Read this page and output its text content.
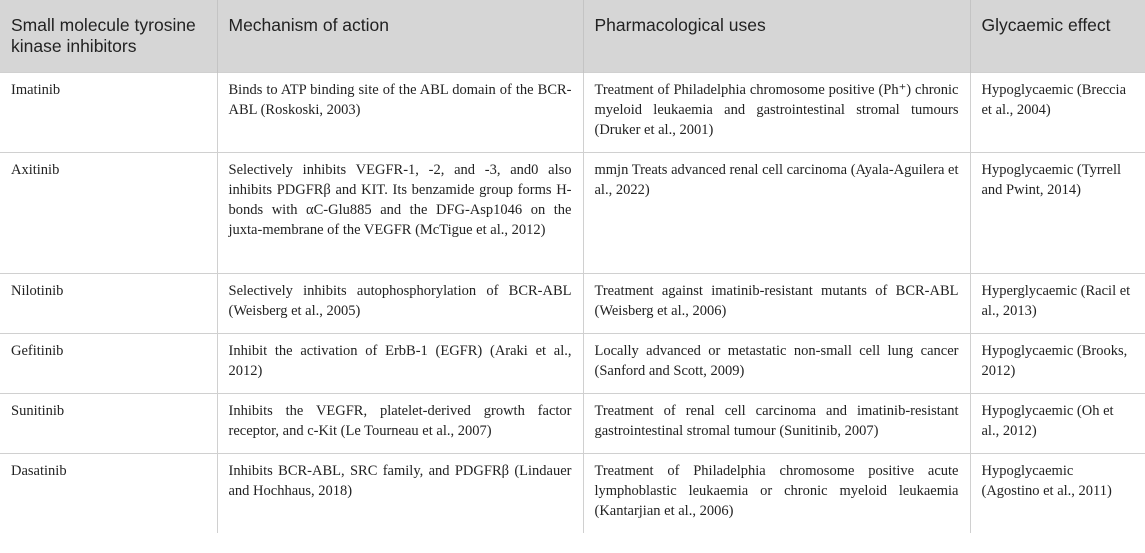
Small molecule tyrosine kinase inhibitors	Mechanism of action	Pharmacological uses	Glycaemic effect
Imatinib	Binds to ATP binding site of the ABL domain of the BCR-ABL (Roskoski, 2003)	Treatment of Philadelphia chromosome positive (Ph⁺) chronic myeloid leukaemia and gastrointestinal stromal tumours (Druker et al., 2001)	Hypoglycaemic (Breccia et al., 2004)
Axitinib	Selectively inhibits VEGFR-1, -2, and -3, and0 also inhibits PDGFRβ and KIT. Its benzamide group forms H-bonds with αC-Glu885 and the DFG-Asp1046 on the juxta-membrane of the VEGFR (McTigue et al., 2012)	mmjn Treats advanced renal cell carcinoma (Ayala-Aguilera et al., 2022)	Hypoglycaemic (Tyrrell and Pwint, 2014)
Nilotinib	Selectively inhibits autophosphorylation of BCR-ABL (Weisberg et al., 2005)	Treatment against imatinib-resistant mutants of BCR-ABL (Weisberg et al., 2006)	Hyperglycaemic (Racil et al., 2013)
Gefitinib	Inhibit the activation of ErbB-1 (EGFR) (Araki et al., 2012)	Locally advanced or metastatic non-small cell lung cancer (Sanford and Scott, 2009)	Hypoglycaemic (Brooks, 2012)
Sunitinib	Inhibits the VEGFR, platelet-derived growth factor receptor, and c-Kit (Le Tourneau et al., 2007)	Treatment of renal cell carcinoma and imatinib-resistant gastrointestinal stromal tumour (Sunitinib, 2007)	Hypoglycaemic (Oh et al., 2012)
Dasatinib	Inhibits BCR-ABL, SRC family, and PDGFRβ (Lindauer and Hochhaus, 2018)	Treatment of Philadelphia chromosome positive acute lymphoblastic leukaemia or chronic myeloid leukaemia (Kantarjian et al., 2006)	Hypoglycaemic (Agostino et al., 2011)
